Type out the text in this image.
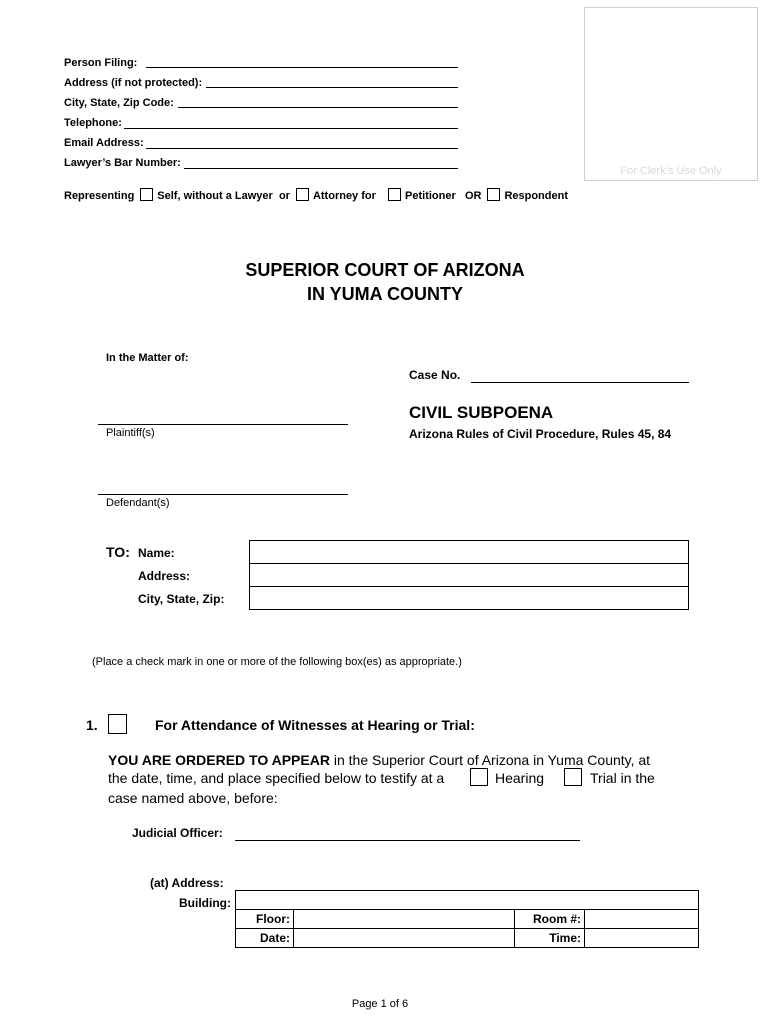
For Clerk’s Use Only
Person Filing:
Address (if not protected):
City, State, Zip Code:
Telephone:
Email Address:
Lawyer’s Bar Number:
Representing Self, without a Lawyer or Attorney for	Petitioner OR Respondent
SUPERIOR COURT OF ARIZONA
IN YUMA COUNTY
In the Matter of:
Plaintiff(s)
Defendant(s)
Case No.
CIVIL SUBPOENA
Arizona Rules of Civil Procedure, Rules 45, 84
TO: Name:
Address:
City, State, Zip:

(Place a check mark in one or more of the following box(es) as appropriate.)
1.	For Attendance of Witnesses at Hearing or Trial:
YOU ARE ORDERED TO APPEAR in the Superior Court of Arizona in Yuma County, at
the date, time, and place specified below to testify at a	Hearing	Trial in the
case named above, before:
Judicial Officer:
(at) Address:
Building:

Floor:		Room #:	
Date:		Time:	
Page 1 of 6
